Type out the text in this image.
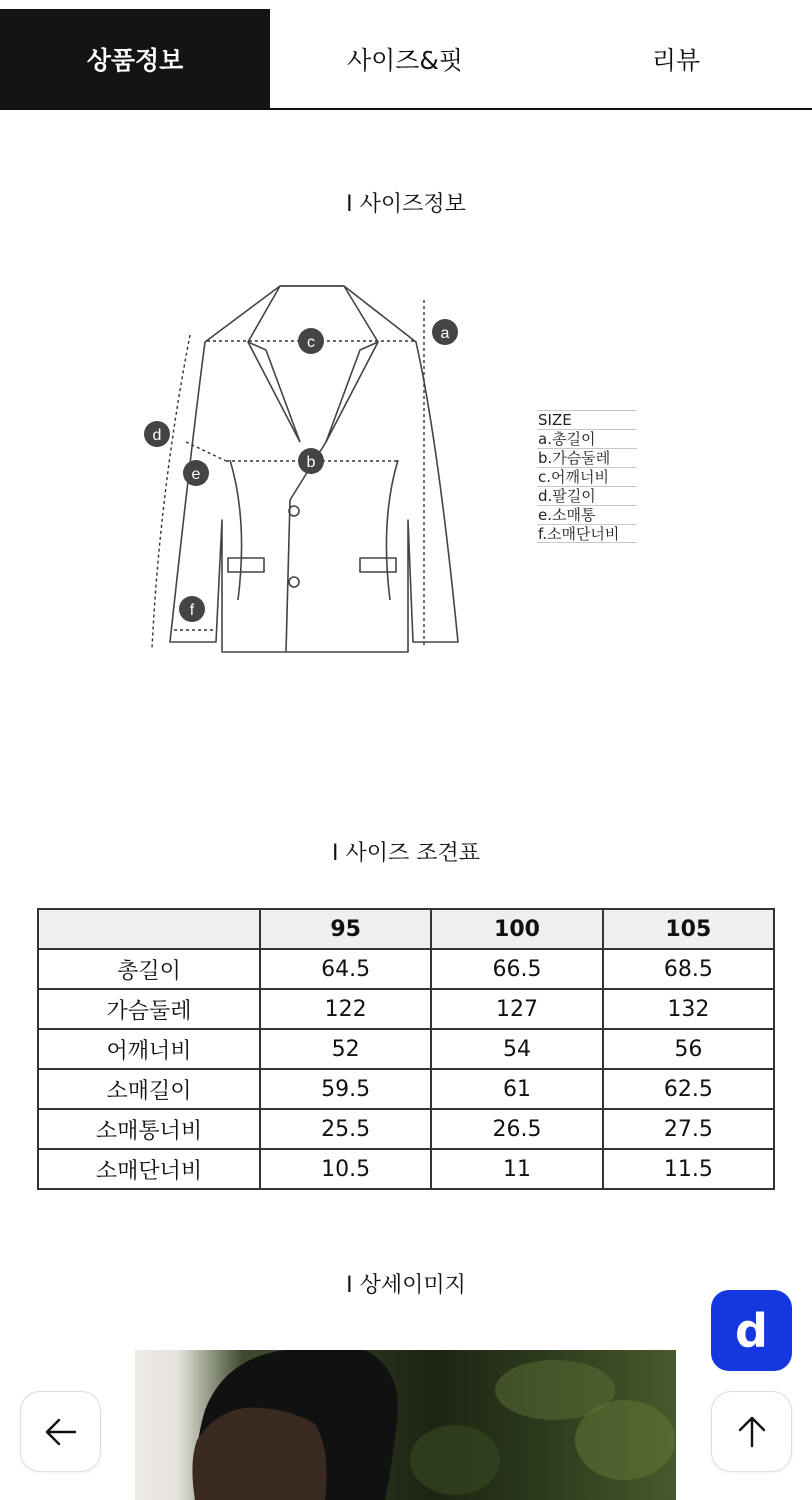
상품정보	사이즈&핏	리뷰
I 사이즈정보
a
b
c
d
e
f
SIZE
a.총길이
b.가슴둘레
c.어깨너비
d.팔길이
e.소매통
f.소매단너비
I 사이즈 조견표
	95	100	105
총길이	64.5	66.5	68.5
가슴둘레	122	127	132
어깨너비	52	54	56
소매길이	59.5	61	62.5
소매통너비	25.5	26.5	27.5
소매단너비	10.5	11	11.5
I 상세이미지
d
